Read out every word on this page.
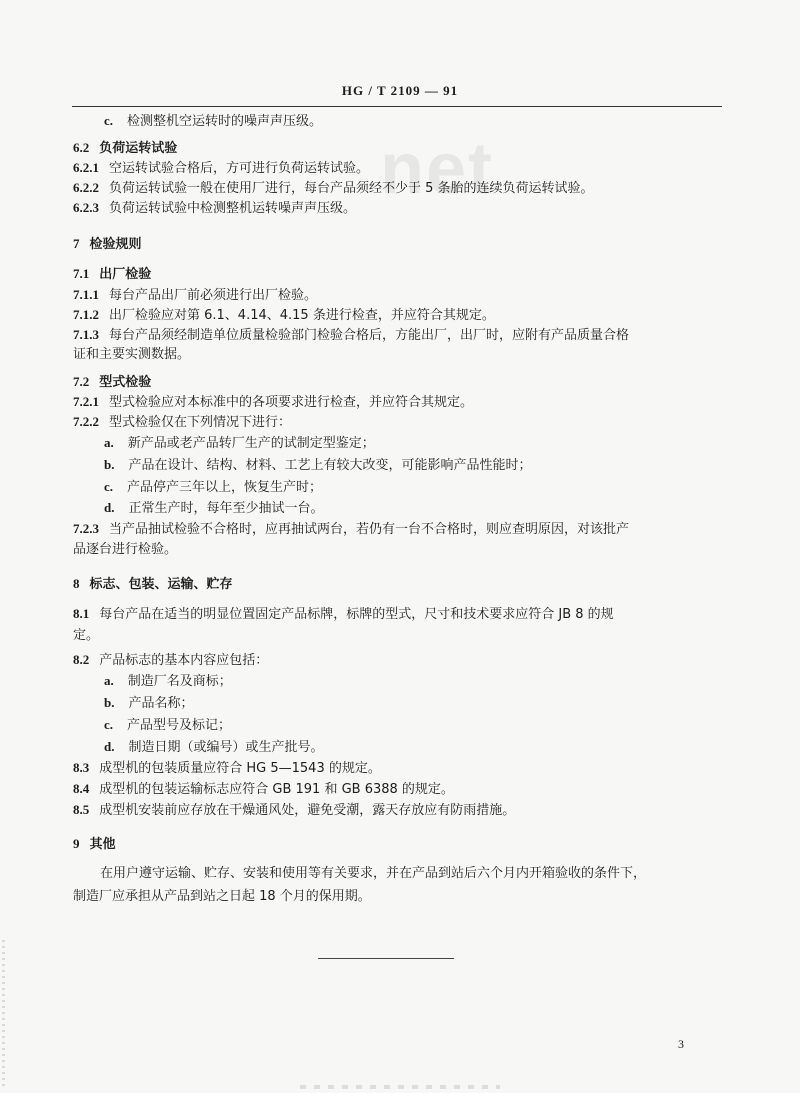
HG / T 2109 — 91
net
c. 检测整机空运转时的噪声声压级。
6.2 负荷运转试验
6.2.1 空运转试验合格后，方可进行负荷运转试验。
6.2.2 负荷运转试验一般在使用厂进行，每台产品须经不少于 5 条胎的连续负荷运转试验。
6.2.3 负荷运转试验中检测整机运转噪声声压级。
7 检验规则
7.1 出厂检验
7.1.1 每台产品出厂前必须进行出厂检验。
7.1.2 出厂检验应对第 6.1、4.14、4.15 条进行检查，并应符合其规定。
7.1.3 每台产品须经制造单位质量检验部门检验合格后，方能出厂，出厂时，应附有产品质量合格
证和主要实测数据。
7.2 型式检验
7.2.1 型式检验应对本标准中的各项要求进行检查，并应符合其规定。
7.2.2 型式检验仅在下列情况下进行：
a. 新产品或老产品转厂生产的试制定型鉴定；
b. 产品在设计、结构、材料、工艺上有较大改变，可能影响产品性能时；
c. 产品停产三年以上，恢复生产时；
d. 正常生产时，每年至少抽试一台。
7.2.3 当产品抽试检验不合格时，应再抽试两台，若仍有一台不合格时，则应查明原因，对该批产
品逐台进行检验。
8 标志、包装、运输、贮存
8.1 每台产品在适当的明显位置固定产品标牌，标牌的型式，尺寸和技术要求应符合 JB 8 的规
定。
8.2 产品标志的基本内容应包括：
a. 制造厂名及商标；
b. 产品名称；
c. 产品型号及标记；
d. 制造日期（或编号）或生产批号。
8.3 成型机的包装质量应符合 HG 5—1543 的规定。
8.4 成型机的包装运输标志应符合 GB 191 和 GB 6388 的规定。
8.5 成型机安装前应存放在干燥通风处，避免受潮，露天存放应有防雨措施。
9 其他
在用户遵守运输、贮存、安装和使用等有关要求，并在产品到站后六个月内开箱验收的条件下，
制造厂应承担从产品到站之日起 18 个月的保用期。
3
